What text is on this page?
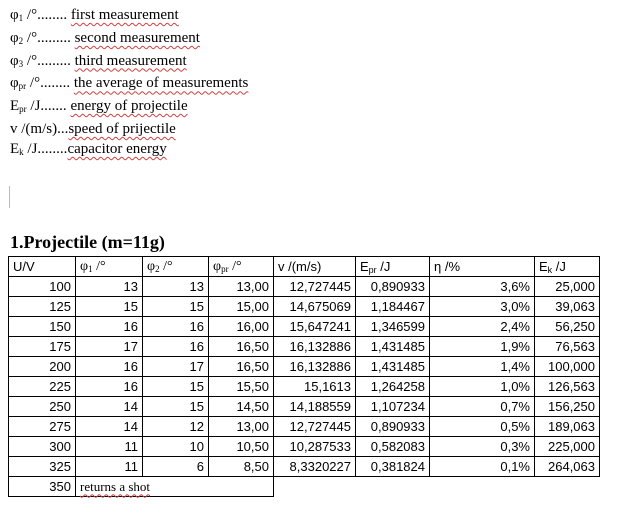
$\varphi_1$ /°........ first measurement
$\varphi_2$ /°......... second measurement
$\varphi_3$ /°......... third measurement
$\varphi_{pr}$ /°........ the average of measurements
$E_{pr}$ /J....... energy of projectile
v /(m/s)...speed of prijectile
$E_k$ /J........capacitor energy
1.Projectile (m=11g)
U/V	$\varphi_1$ /°	$\varphi_2$ /°	$\varphi_{pr}$ /°	v /(m/s)	$E_{pr}$ /J	η /%	$E_k$ /J
100	13	13	13,00	12,727445	0,890933	3,6%	25,000
125	15	15	15,00	14,675069	1,184467	3,0%	39,063
150	16	16	16,00	15,647241	1,346599	2,4%	56,250
175	17	16	16,50	16,132886	1,431485	1,9%	76,563
200	16	17	16,50	16,132886	1,431485	1,4%	100,000
225	16	15	15,50	15,1613	1,264258	1,0%	126,563
250	14	15	14,50	14,188559	1,107234	0,7%	156,250
275	14	12	13,00	12,727445	0,890933	0,5%	189,063
300	11	10	10,50	10,287533	0,582083	0,3%	225,000
325	11	6	8,50	8,3320227	0,381824	0,1%	264,063
350	returns a shot						
